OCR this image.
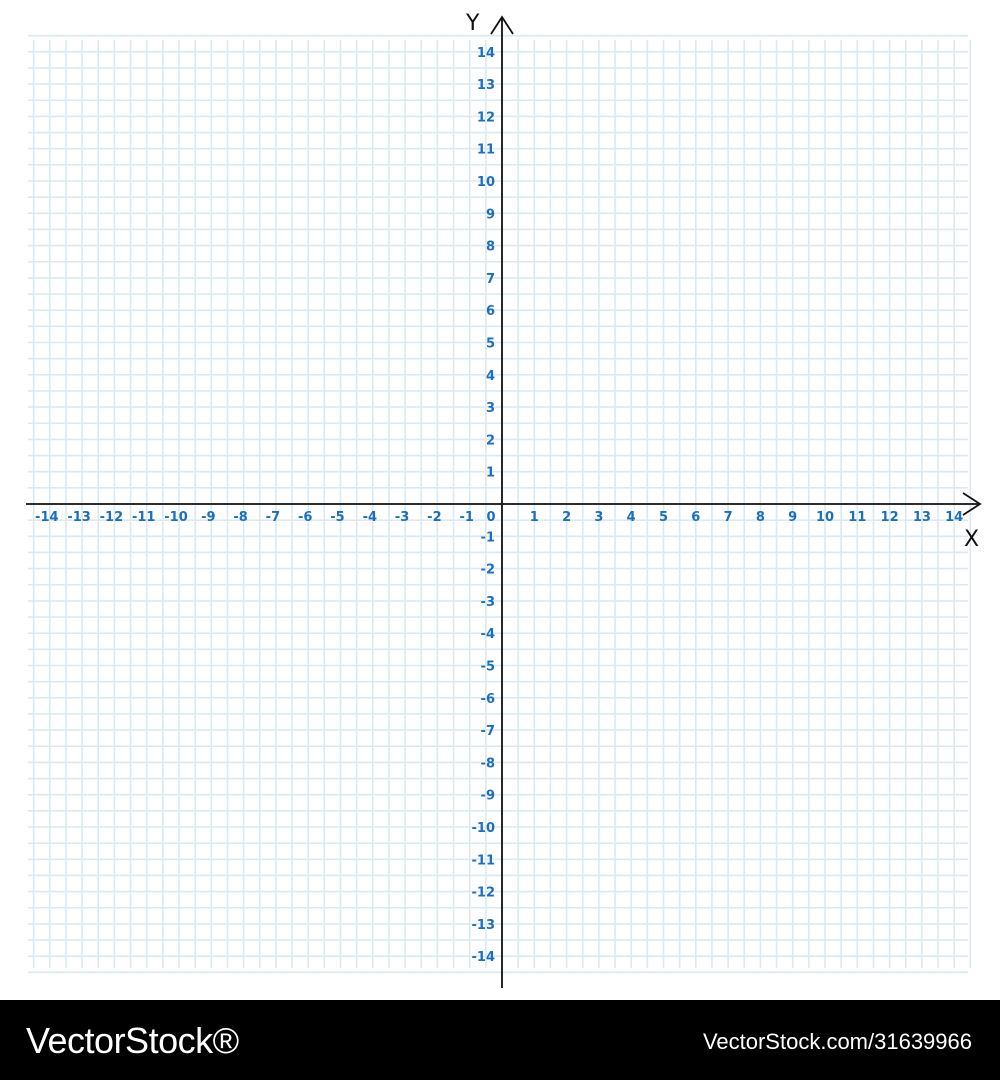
X
Y
0
-14 -13 -12 -11 -10 -9 -8 -7 -6 -5 -4 -3 -2 -1	1 2 3 4 5 6 7 8 9 10 11 12 13 14
14
13
12
11
10
9
8
7
6
5
4
3
2
1
-1
-2
-3
-4
-5
-6
-7
-8
-9
-10
-11
-12
-13
-14
VectorStock®	VectorStock.com/31639966
